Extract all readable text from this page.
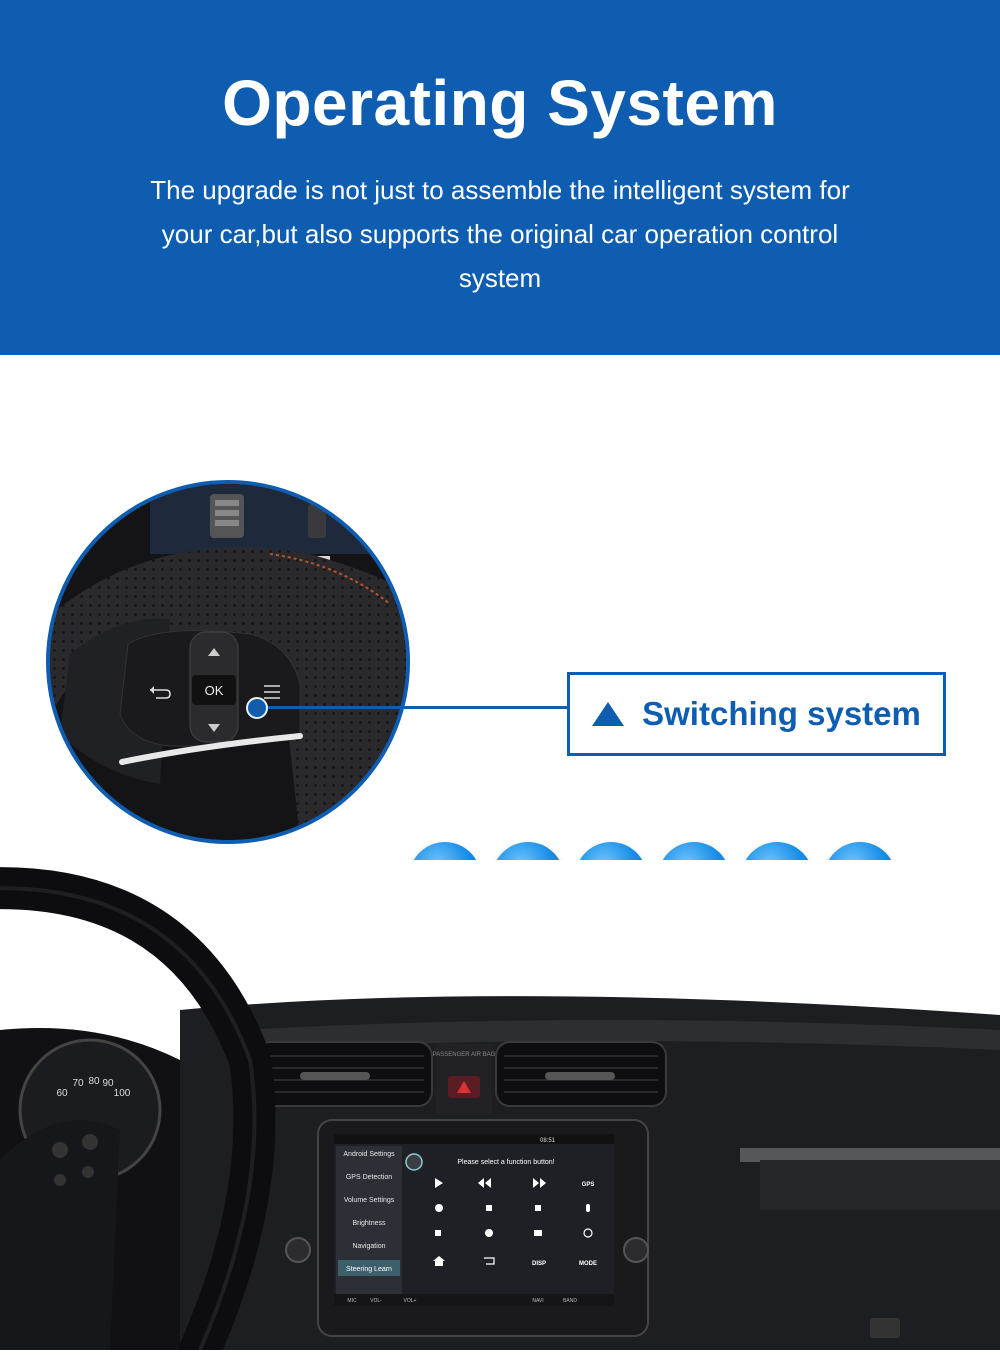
Operating System
The upgrade is not just to assemble the intelligent system for your car,but also supports the original car operation control system
OK
Switching system
PASSENGER AIR BAG
08:51
Android Settings
GPS Detection
Volume Settings
Brightness
Navigation
Steering Learn
Please select a function button!
GPS
DISP	MODE
MIC	VOL-	VOL+	NAVI	BAND
60
70 80 90
100
